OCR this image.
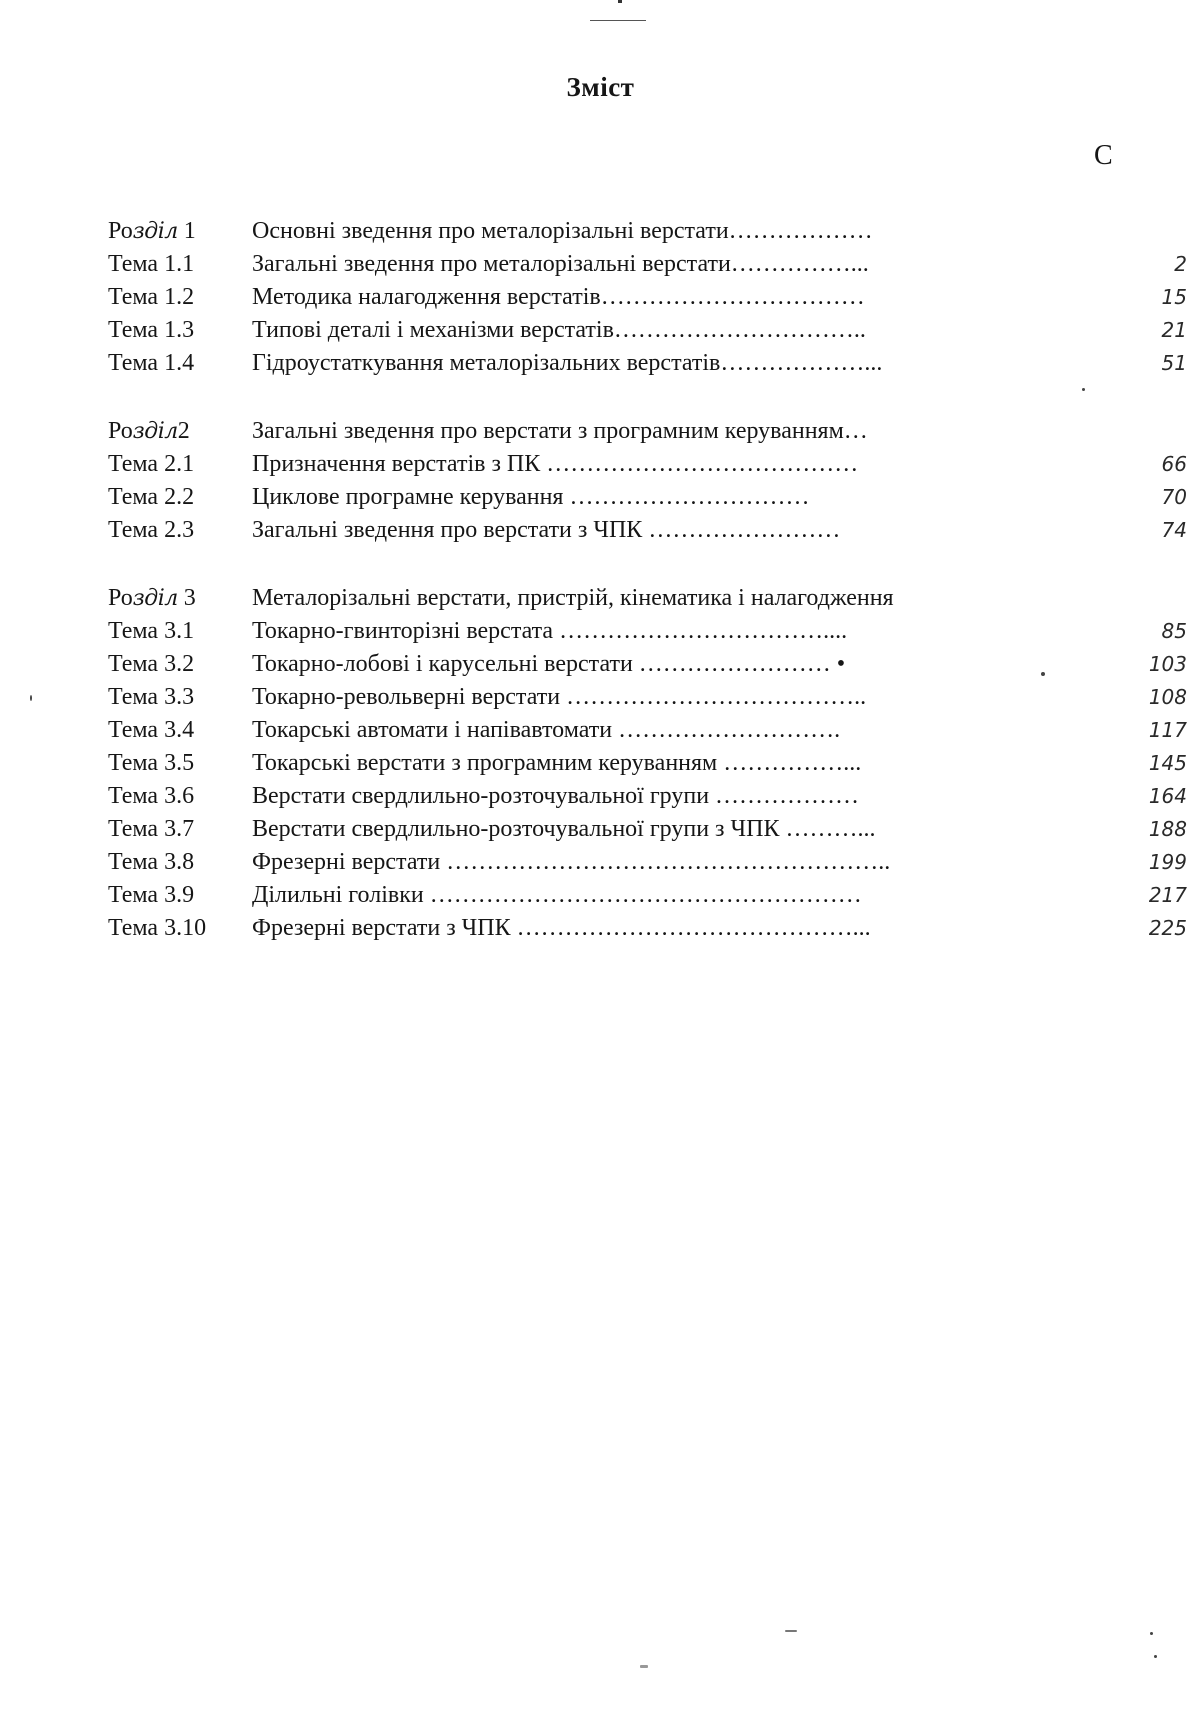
Зміст
С
Розділ 1 Основні зведення про металорізальні верстати………………
Тема 1.1 Загальні зведення про металорізальні верстати……………...	2
Тема 1.2 Методика налагодження верстатів……………………………	15
Тема 1.3 Типові деталі і механізми верстатів…………………………..	21
Тема 1.4 Гідроустаткування металорізальних верстатів………………...	51
Розділ2	Загальні зведення про верстати з програмним керуванням…
Тема 2.1 Призначення верстатів з ПК …………………………………	66
Тема 2.2 Циклове програмне керування …………………………	70
Тема 2.3 Загальні зведення про верстати з ЧПК ……………………	74
Розділ 3 Металорізальні верстати, пристрій, кінематика і налагодження
Тема 3.1 Токарно-гвинторізні верстата ……………………………....	85
Тема 3.2 Токарно-лобові і карусельні верстати …………………… •	103
Тема 3.3 Токарно-револьверні верстати ………………………………..	108
Тема 3.4 Токарські автомати і напівавтомати ……………………….	117
Тема 3.5 Токарські верстати з програмним керуванням ……………...	145
Тема 3.6 Верстати свердлильно-розточувальної групи ………………	164
Тема 3.7 Верстати свердлильно-розточувальної групи з ЧПК ………...	188
Тема 3.8 Фрезерні верстати ………………………………………………..	199
Тема 3.9 Ділильні голівки ………………………………………………	217
Тема 3.10 Фрезерні верстати з ЧПК ……………………………………...	225
